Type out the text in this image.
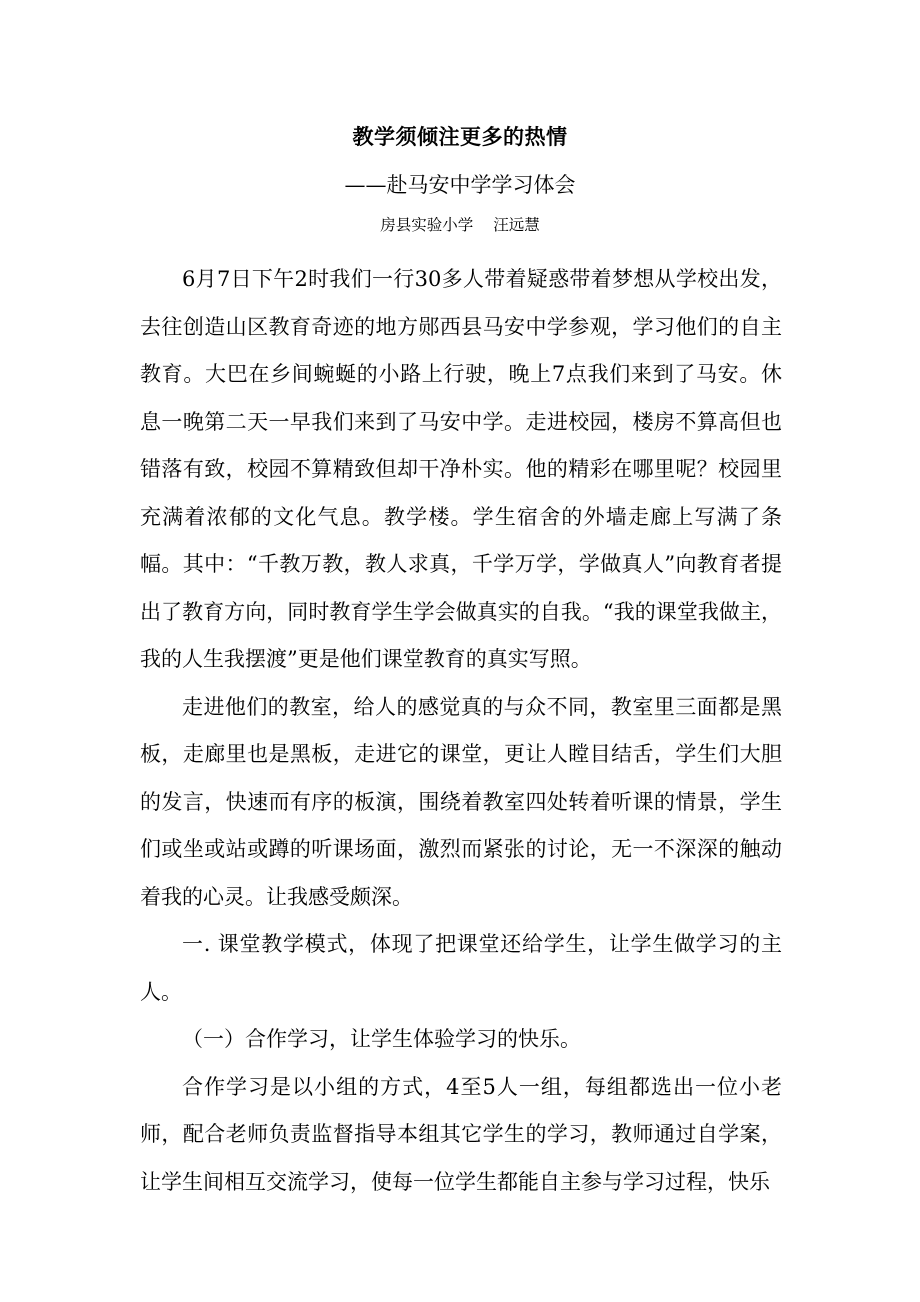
教学须倾注更多的热情
——赴马安中学学习体会
房县实验小学 汪远慧

6月7日下午2时我们一行30多人带着疑惑带着梦想从学校出发，去往创造山区教育奇迹的地方郧西县马安中学参观，学习他们的自主教育。大巴在乡间蜿蜒的小路上行驶，晚上7点我们来到了马安。休息一晚第二天一早我们来到了马安中学。走进校园，楼房不算高但也错落有致，校园不算精致但却干净朴实。他的精彩在哪里呢？校园里充满着浓郁的文化气息。教学楼。学生宿舍的外墙走廊上写满了条幅。其中：“千教万教，教人求真，千学万学，学做真人”向教育者提出了教育方向，同时教育学生学会做真实的自我。“我的课堂我做主，我的人生我摆渡”更是他们课堂教育的真实写照。

走进他们的教室，给人的感觉真的与众不同，教室里三面都是黑板，走廊里也是黑板，走进它的课堂，更让人瞠目结舌，学生们大胆的发言，快速而有序的板演，围绕着教室四处转着听课的情景，学生们或坐或站或蹲的听课场面，激烈而紧张的讨论，无一不深深的触动着我的心灵。让我感受颇深。

一. 课堂教学模式，体现了把课堂还给学生，让学生做学习的主人。

（一）合作学习，让学生体验学习的快乐。

合作学习是以小组的方式，4至5人一组，每组都选出一位小老师，配合老师负责监督指导本组其它学生的学习，教师通过自学案，让学生间相互交流学习，使每一位学生都能自主参与学习过程，快乐
